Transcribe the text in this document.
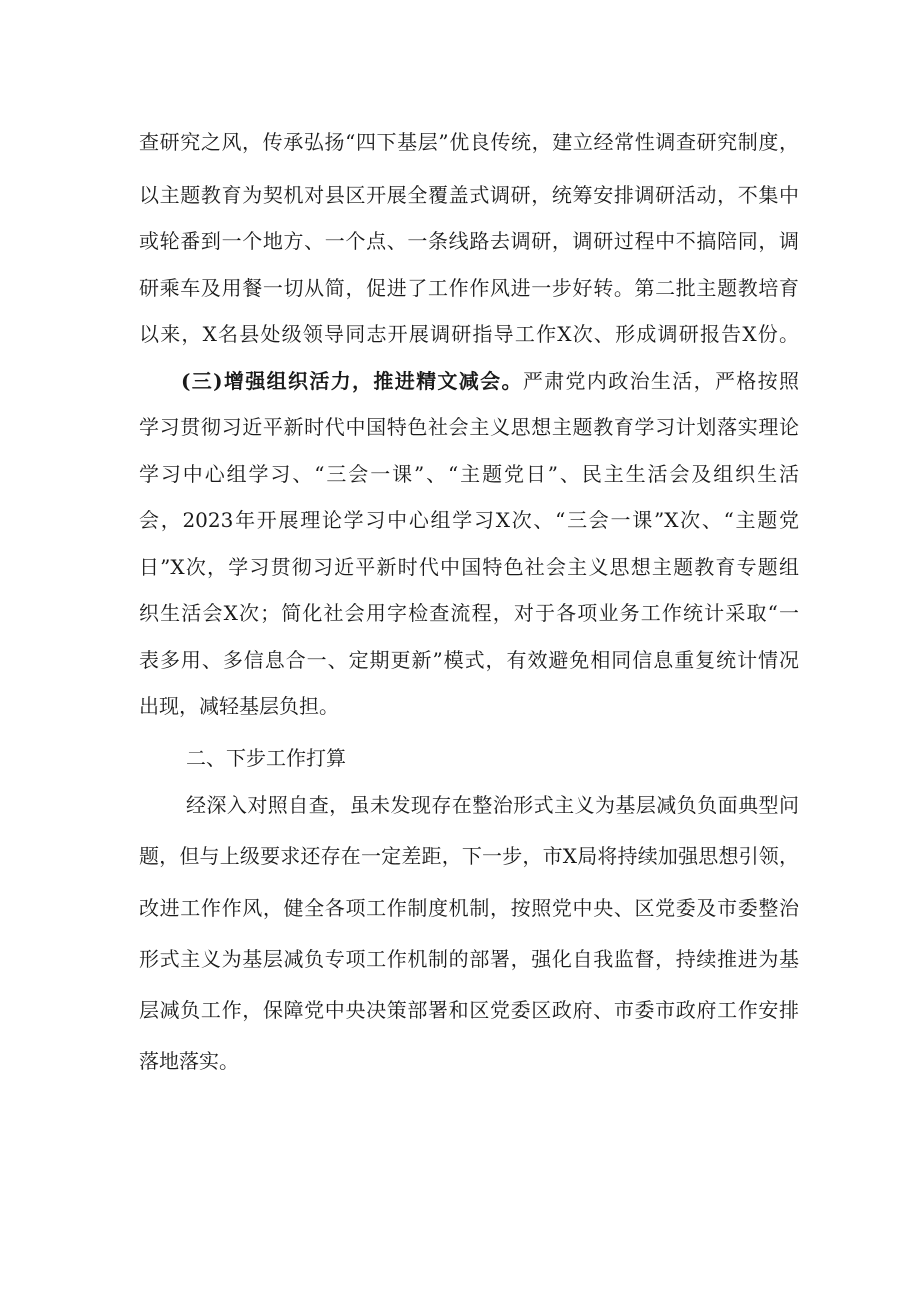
查研究之风，传承弘扬“四下基层”优良传统，建立经常性调查研究制度，
以主题教育为契机对县区开展全覆盖式调研，统筹安排调研活动，不集中
或轮番到一个地方、一个点、一条线路去调研，调研过程中不搞陪同，调
研乘车及用餐一切从简，促进了工作作风进一步好转。第二批主题教培育
以来，X名县处级领导同志开展调研指导工作X次、形成调研报告X份。
(三)增强组织活力，推进精文减会。严肃党内政治生活，严格按照
学习贯彻习近平新时代中国特色社会主义思想主题教育学习计划落实理论
学习中心组学习、“三会一课”、“主题党日”、民主生活会及组织生活
会，2023年开展理论学习中心组学习X次、“三会一课”X次、“主题党
日”X次，学习贯彻习近平新时代中国特色社会主义思想主题教育专题组
织生活会X次；简化社会用字检查流程，对于各项业务工作统计采取“一
表多用、多信息合一、定期更新”模式，有效避免相同信息重复统计情况
出现，减轻基层负担。
二、下步工作打算
经深入对照自查，虽未发现存在整治形式主义为基层减负负面典型问
题，但与上级要求还存在一定差距，下一步，市X局将持续加强思想引领，
改进工作作风，健全各项工作制度机制，按照党中央、区党委及市委整治
形式主义为基层减负专项工作机制的部署，强化自我监督，持续推进为基
层减负工作，保障党中央决策部署和区党委区政府、市委市政府工作安排
落地落实。
